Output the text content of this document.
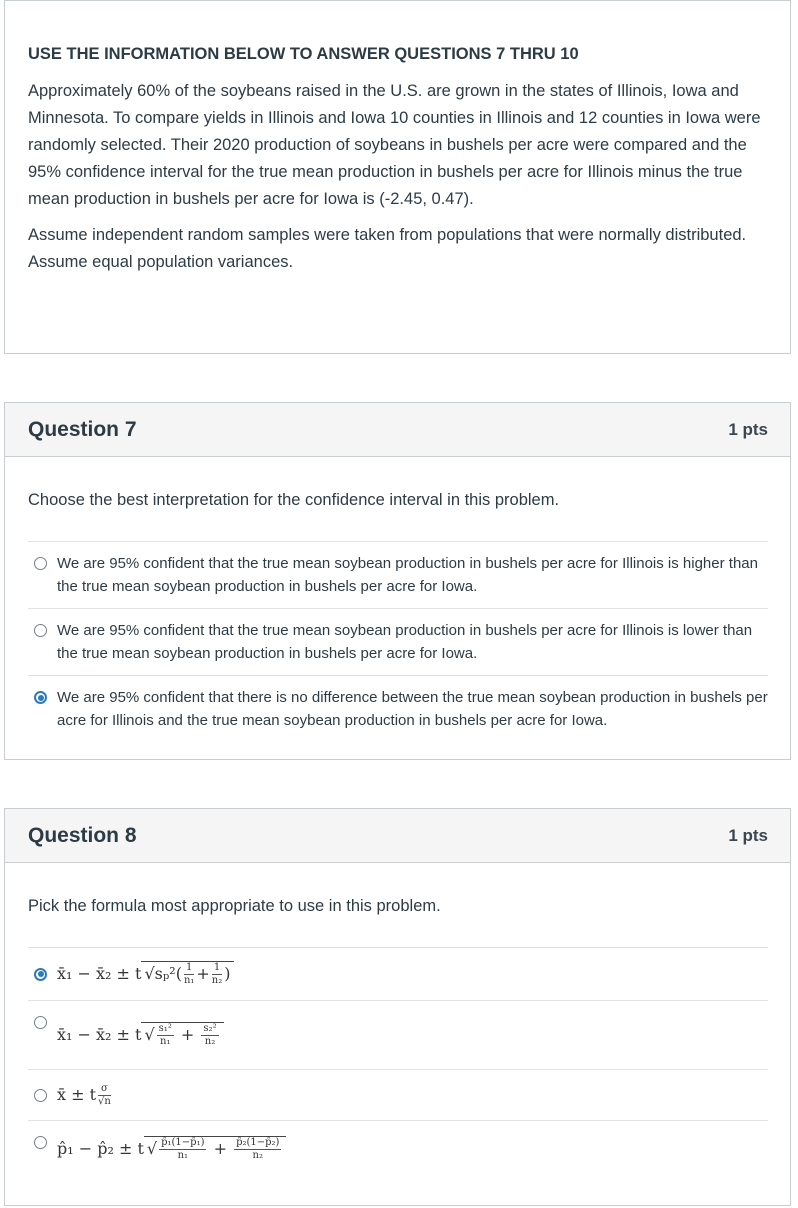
USE THE INFORMATION BELOW TO ANSWER QUESTIONS 7 THRU 10

Approximately 60% of the soybeans raised in the U.S. are grown in the states of Illinois, Iowa and Minnesota. To compare yields in Illinois and Iowa 10 counties in Illinois and 12 counties in Iowa were randomly selected. Their 2020 production of soybeans in bushels per acre were compared and the 95% confidence interval for the true mean production in bushels per acre for Illinois minus the true mean production in bushels per acre for Iowa is (-2.45, 0.47).

Assume independent random samples were taken from populations that were normally distributed. Assume equal population variances.

Question 7	1 pts
Choose the best interpretation for the confidence interval in this problem.
We are 95% confident that the true mean soybean production in bushels per acre for Illinois is higher than the true mean soybean production in bushels per acre for Iowa.
We are 95% confident that the true mean soybean production in bushels per acre for Illinois is lower than the true mean soybean production in bushels per acre for Iowa.
We are 95% confident that there is no difference between the true mean soybean production in bushels per acre for Illinois and the true mean soybean production in bushels per acre for Iowa.
Question 8	1 pts
Pick the formula most appropriate to use in this problem.
x̄₁ − x̄₂ ± t $√s_p^2( \frac{1}{\text{n₁}} + \frac{1}{\text{n₂}}$ )
x̄₁ − x̄₂ ± t √ $\frac{\text{s₁²}}{\text{n₁}} + \frac{\text{s₂²}}{\text{n₂}}$
x̄ ± t $\frac{\sigma}{√n}$
p̂₁ − p̂₂ ± t √ $\frac{\text{p̂₁(1−p̂₁)}}{\text{n₁}} + \frac{\text{p̂₂(1−p̂₂)}}{\text{n₂}}$
